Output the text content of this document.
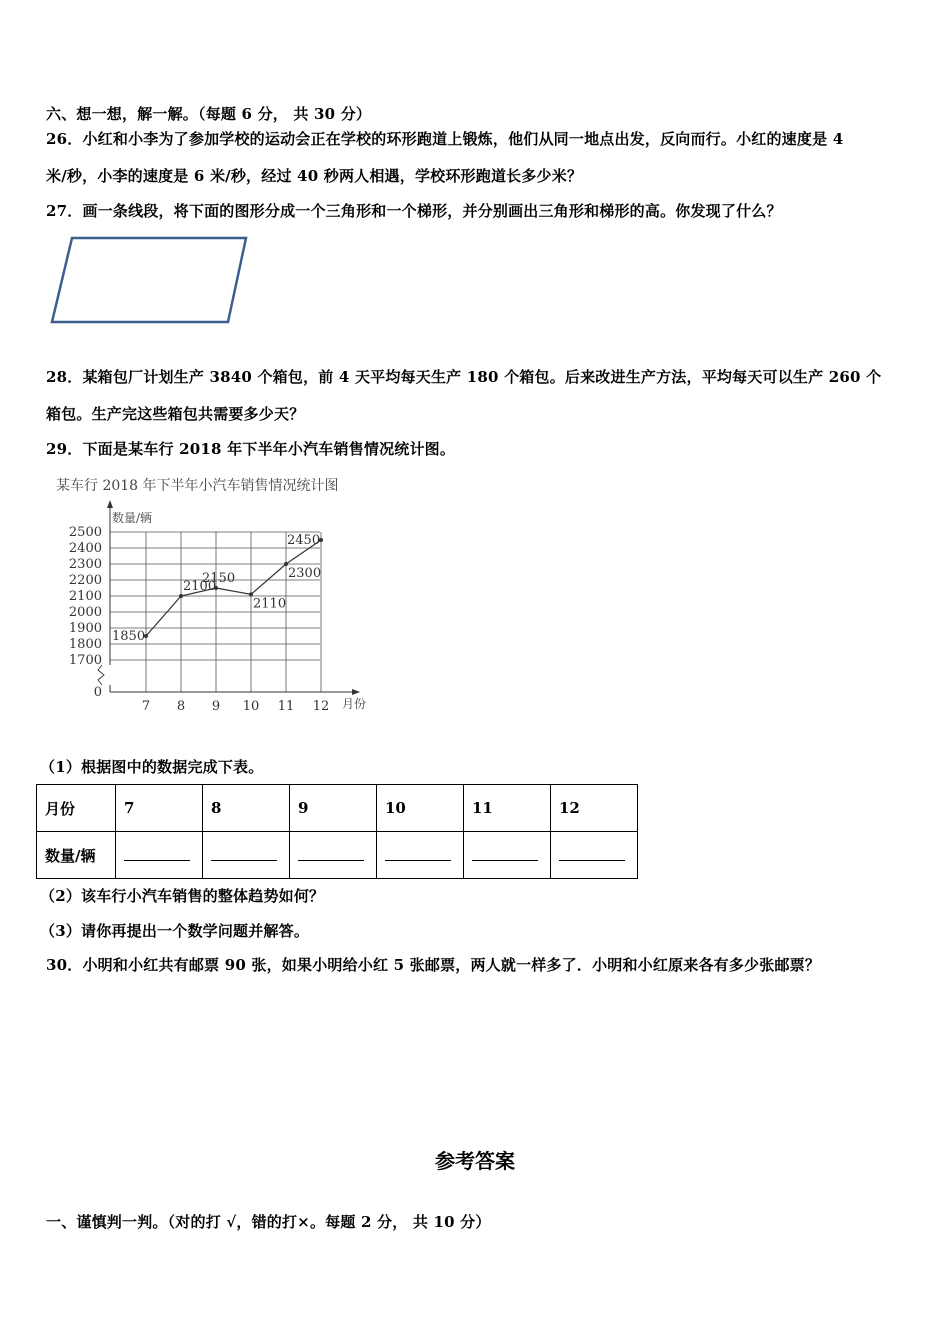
六、想一想，解一解。（每题 6 分， 共 30 分）
26．小红和小李为了参加学校的运动会正在学校的环形跑道上锻炼，他们从同一地点出发，反向而行。小红的速度是 4
米/秒，小李的速度是 6 米/秒，经过 40 秒两人相遇，学校环形跑道长多少米？
27．画一条线段，将下面的图形分成一个三角形和一个梯形，并分别画出三角形和梯形的高。你发现了什么？
28．某箱包厂计划生产 3840 个箱包，前 4 天平均每天生产 180 个箱包。后来改进生产方法，平均每天可以生产 260 个
箱包。生产完这些箱包共需要多少天？
29．下面是某车行 2018 年下半年小汽车销售情况统计图。
某车行 2018 年下半年小汽车销售情况统计图
数量/辆
月份
0
1700
1800
1900
2000
2100
2200
2300
2400
2500
7 8 9 10 11 12
1850
2100
2150
2110
2300
2450
（1）根据图中的数据完成下表。
月份	7	8	9	10	11	12
数量/辆						
（2）该车行小汽车销售的整体趋势如何？
（3）请你再提出一个数学问题并解答。
30．小明和小红共有邮票 90 张，如果小明给小红 5 张邮票，两人就一样多了．小明和小红原来各有多少张邮票？
参考答案
一、谨慎判一判。（对的打 √，错的打×。每题 2 分， 共 10 分）
